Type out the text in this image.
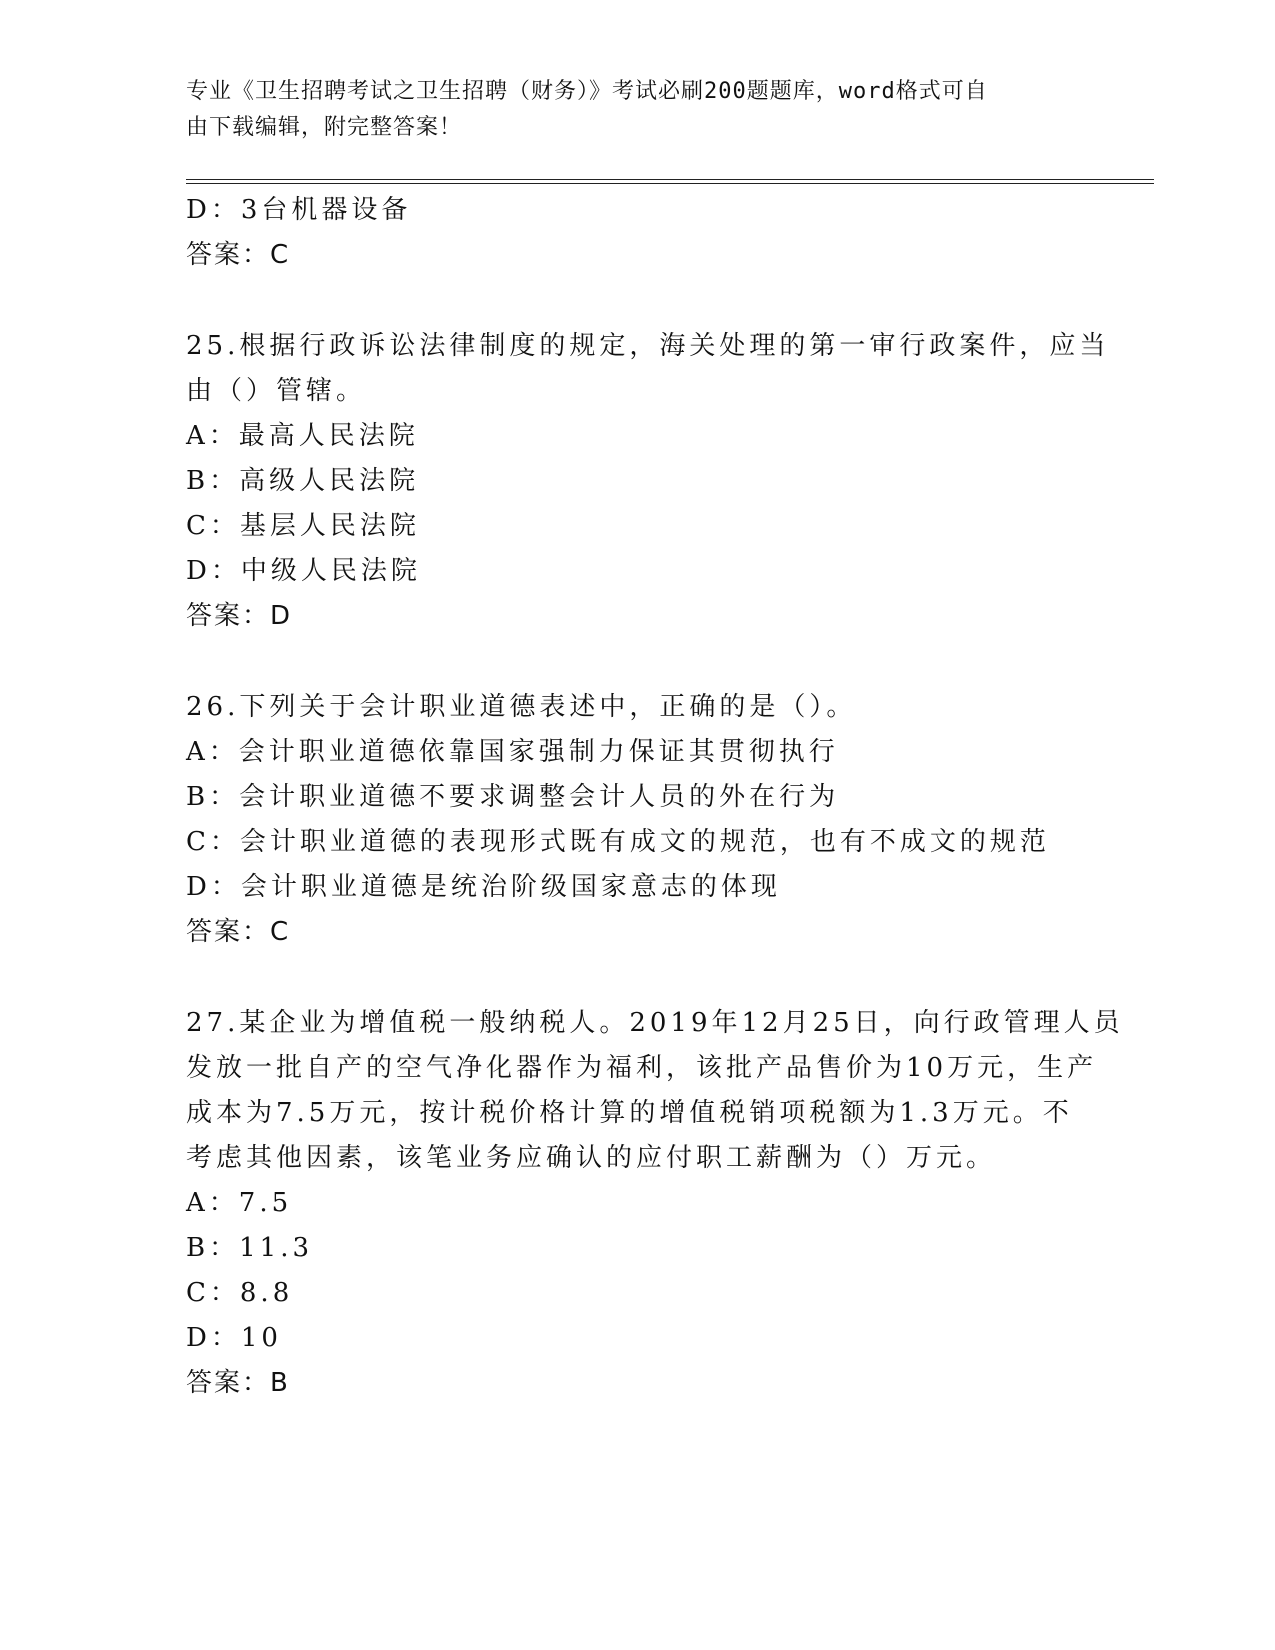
专业《卫生招聘考试之卫生招聘（财务）》考试必刷200题题库，word格式可自
由下载编辑，附完整答案！
D：3台机器设备
答案：C
25.根据行政诉讼法律制度的规定，海关处理的第一审行政案件，应当
由（）管辖。
A：最高人民法院
B：高级人民法院
C：基层人民法院
D：中级人民法院
答案：D
26.下列关于会计职业道德表述中，正确的是（）。
A：会计职业道德依靠国家强制力保证其贯彻执行
B：会计职业道德不要求调整会计人员的外在行为
C：会计职业道德的表现形式既有成文的规范，也有不成文的规范
D：会计职业道德是统治阶级国家意志的体现
答案：C
27.某企业为增值税一般纳税人。2019年12月25日，向行政管理人员
发放一批自产的空气净化器作为福利，该批产品售价为10万元，生产
成本为7.5万元，按计税价格计算的增值税销项税额为1.3万元。不
考虑其他因素，该笔业务应确认的应付职工薪酬为（）万元。
A：7.5
B：11.3
C：8.8
D：10
答案：B
